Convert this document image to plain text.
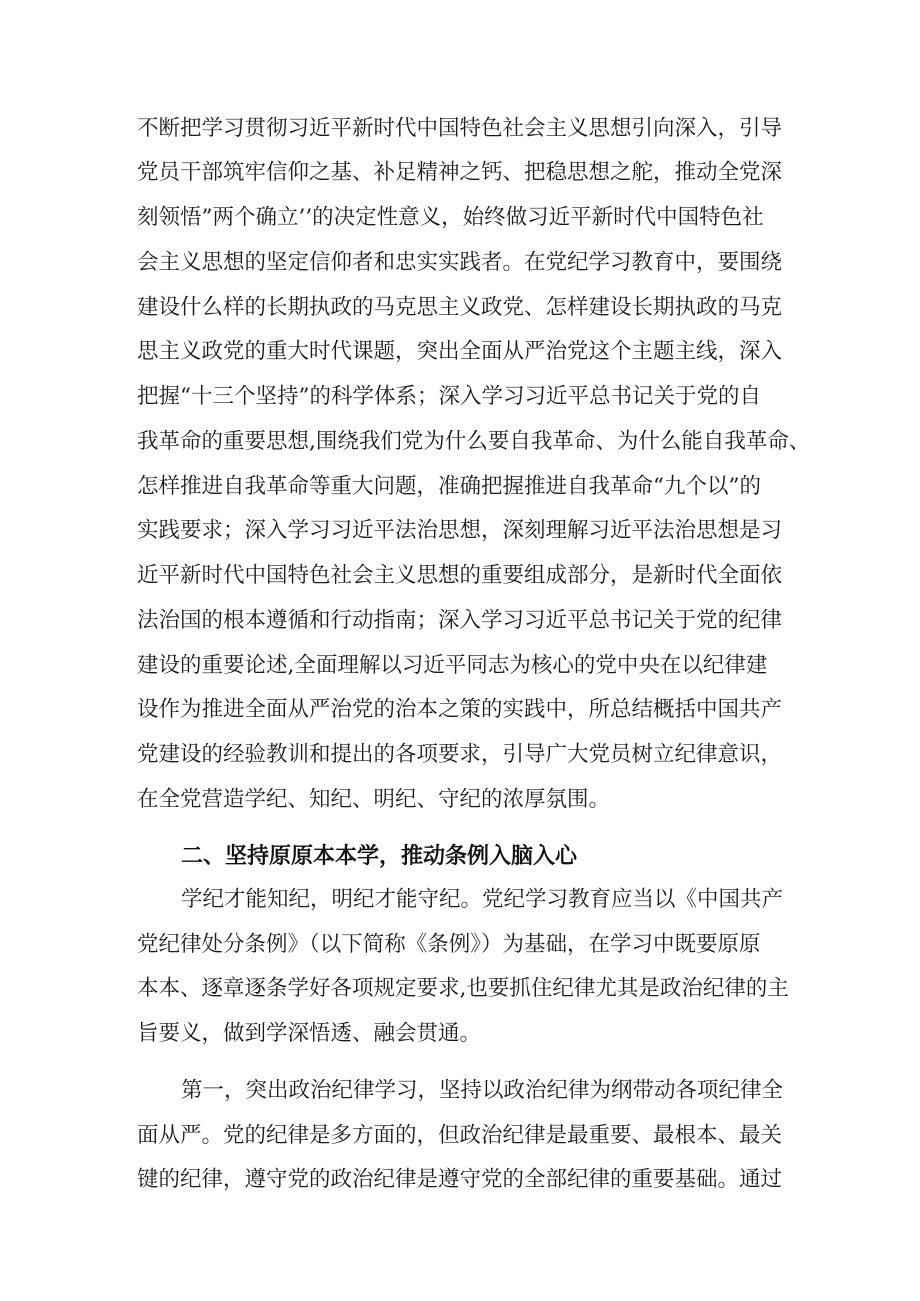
不断把学习贯彻习近平新时代中国特色社会主义思想引向深入，引导
党员干部筑牢信仰之基、补足精神之钙、把稳思想之舵，推动全党深
刻领悟”两个确立’’的决定性意义，始终做习近平新时代中国特色社
会主义思想的坚定信仰者和忠实实践者。在党纪学习教育中，要围绕
建设什么样的长期执政的马克思主义政党、怎样建设长期执政的马克
思主义政党的重大时代课题，突出全面从严治党这个主题主线，深入
把握“十三个坚持”的科学体系；深入学习习近平总书记关于党的自
我革命的重要思想,围绕我们党为什么要自我革命、为什么能自我革命、
怎样推进自我革命等重大问题，准确把握推进自我革命“九个以”的
实践要求；深入学习习近平法治思想，深刻理解习近平法治思想是习
近平新时代中国特色社会主义思想的重要组成部分，是新时代全面依
法治国的根本遵循和行动指南；深入学习习近平总书记关于党的纪律
建设的重要论述,全面理解以习近平同志为核心的党中央在以纪律建
设作为推进全面从严治党的治本之策的实践中，所总结概括中国共产
党建设的经验教训和提出的各项要求，引导广大党员树立纪律意识，
在全党营造学纪、知纪、明纪、守纪的浓厚氛围。
二、坚持原原本本学，推动条例入脑入心
学纪才能知纪，明纪才能守纪。党纪学习教育应当以《中国共产
党纪律处分条例》（以下简称《条例》）为基础，在学习中既要原原
本本、逐章逐条学好各项规定要求,也要抓住纪律尤其是政治纪律的主
旨要义，做到学深悟透、融会贯通。
第一，突出政治纪律学习，坚持以政治纪律为纲带动各项纪律全
面从严。党的纪律是多方面的，但政治纪律是最重要、最根本、最关
键的纪律，遵守党的政治纪律是遵守党的全部纪律的重要基础。通过
